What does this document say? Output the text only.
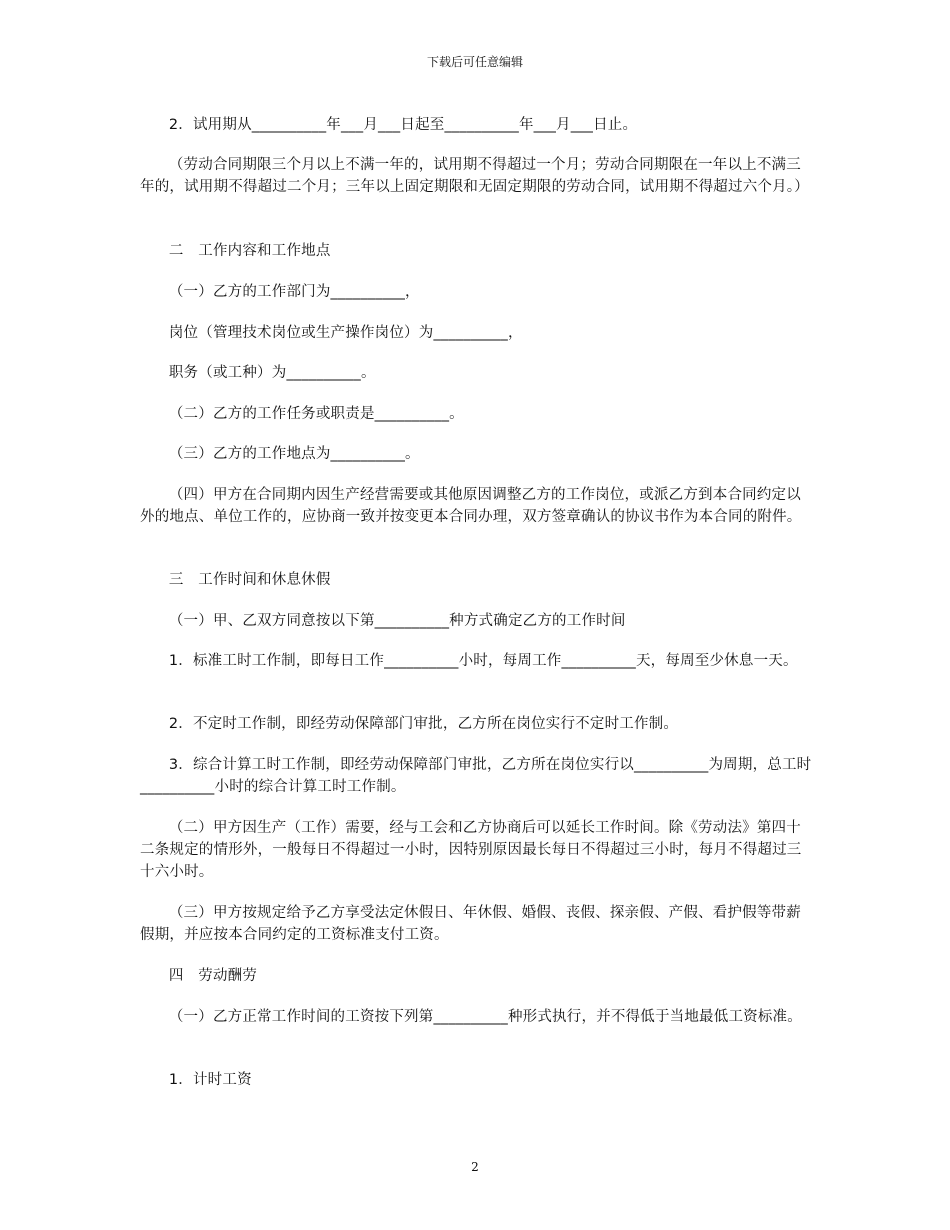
下载后可任意编辑
2．试用期从__________年___月___日起至__________年___月___日止。
（劳动合同期限三个月以上不满一年的，试用期不得超过一个月；劳动合同期限在一年以上不满三年的，试用期不得超过二个月；三年以上固定期限和无固定期限的劳动合同，试用期不得超过六个月。）
二　工作内容和工作地点
（一）乙方的工作部门为__________，
岗位（管理技术岗位或生产操作岗位）为__________，
职务（或工种）为__________。
（二）乙方的工作任务或职责是__________。
（三）乙方的工作地点为__________。
（四）甲方在合同期内因生产经营需要或其他原因调整乙方的工作岗位，或派乙方到本合同约定以外的地点、单位工作的，应协商一致并按变更本合同办理，双方签章确认的协议书作为本合同的附件。
三　工作时间和休息休假
（一）甲、乙双方同意按以下第__________种方式确定乙方的工作时间
1．标准工时工作制，即每日工作__________小时，每周工作__________天，每周至少休息一天。
2．不定时工作制，即经劳动保障部门审批，乙方所在岗位实行不定时工作制。
3．综合计算工时工作制，即经劳动保障部门审批，乙方所在岗位实行以__________为周期，总工时__________小时的综合计算工时工作制。
（二）甲方因生产（工作）需要，经与工会和乙方协商后可以延长工作时间。除《劳动法》第四十二条规定的情形外，一般每日不得超过一小时，因特别原因最长每日不得超过三小时，每月不得超过三十六小时。
（三）甲方按规定给予乙方享受法定休假日、年休假、婚假、丧假、探亲假、产假、看护假等带薪假期，并应按本合同约定的工资标准支付工资。
四　劳动酬劳
（一）乙方正常工作时间的工资按下列第__________种形式执行，并不得低于当地最低工资标准。
1．计时工资
2
